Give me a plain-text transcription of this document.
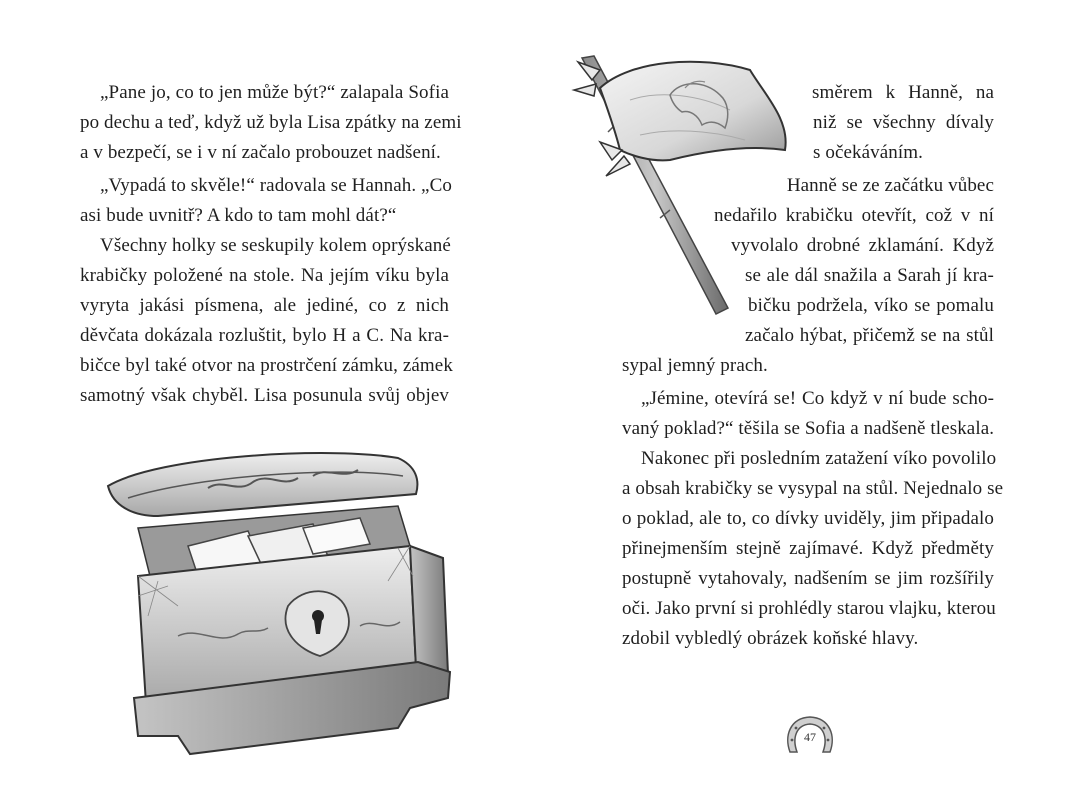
„Pane jo, co to jen může být?“ zalapala Sofia
po dechu a teď, když už byla Lisa zpátky na zemi
a v bezpečí, se i v ní začalo probouzet nadšení.
„Vypadá to skvěle!“ radovala se Hannah. „Co
asi bude uvnitř? A kdo to tam mohl dát?“
Všechny holky se seskupily kolem oprýskané
krabičky položené na stole. Na jejím víku byla
vyryta jakási písmena, ale jediné, co z nich
děvčata dokázala rozluštit, bylo H a C. Na kra-
bičce byl také otvor na prostrčení zámku, zámek
samotný však chyběl. Lisa posunula svůj objev
směrem k Hanně, na
niž se všechny dívaly
s očekáváním.
Hanně se ze začátku vůbec
nedařilo krabičku otevřít, což v ní
vyvolalo drobné zklamání. Když
se ale dál snažila a Sarah jí kra-
bičku podržela, víko se pomalu
začalo hýbat, přičemž se na stůl
sypal jemný prach.
„Jémine, otevírá se! Co když v ní bude scho-
vaný poklad?“ těšila se Sofia a nadšeně tleskala.
Nakonec při posledním zatažení víko povolilo
a obsah krabičky se vysypal na stůl. Nejednalo se
o poklad, ale to, co dívky uviděly, jim připadalo
přinejmenším stejně zajímavé. Když předměty
postupně vytahovaly, nadšením se jim rozšířily
oči. Jako první si prohlédly starou vlajku, kterou
zdobil vybledlý obrázek koňské hlavy.
47
